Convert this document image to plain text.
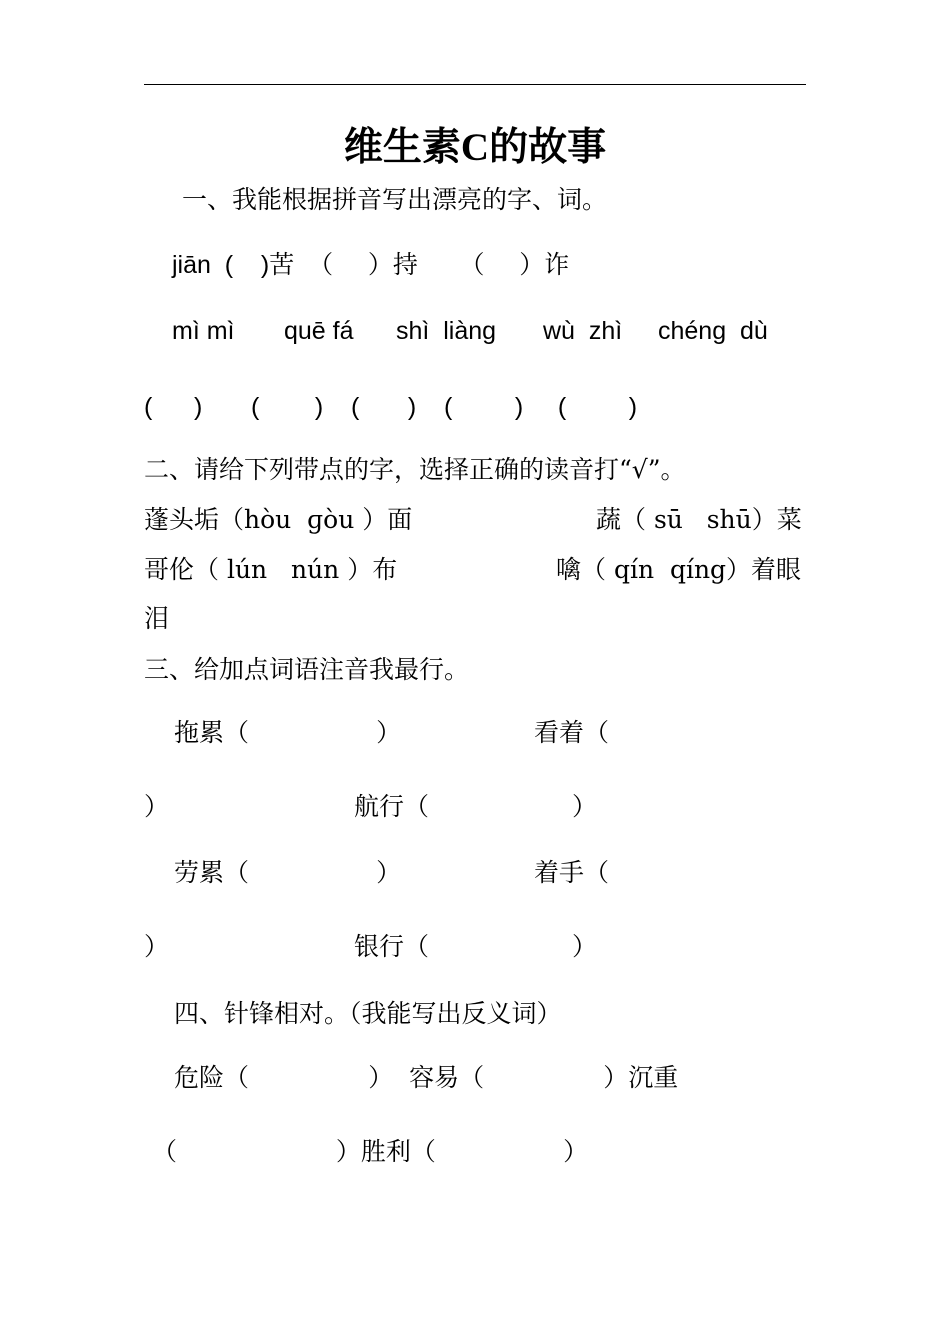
维生素C的故事
一、我能根据拼音写出漂亮的字、词。
jiān  (    )苦  （     ）持      （     ）诈
mì mì quē fá shì  liàng wù  zhì chéng  dù
(      )       (        )    (       )    (         )     (         )
二、请给下列带点的字，选择正确的读音打“√”。
蓬头垢（hòu  ɡòu ）面	蔬（ sū   shū）菜
哥伦（ lún   nún ）布	噙（ qín  qíng）着眼
泪
三、给加点词语注音我最行。
拖累（                ）	看着（
）	航行（                  ）
劳累（                ）	着手（
）	银行（                  ）
四、针锋相对。（我能写出反义词）
危险（               ）  容易（               ）沉重
（                    ）胜利（                ）
